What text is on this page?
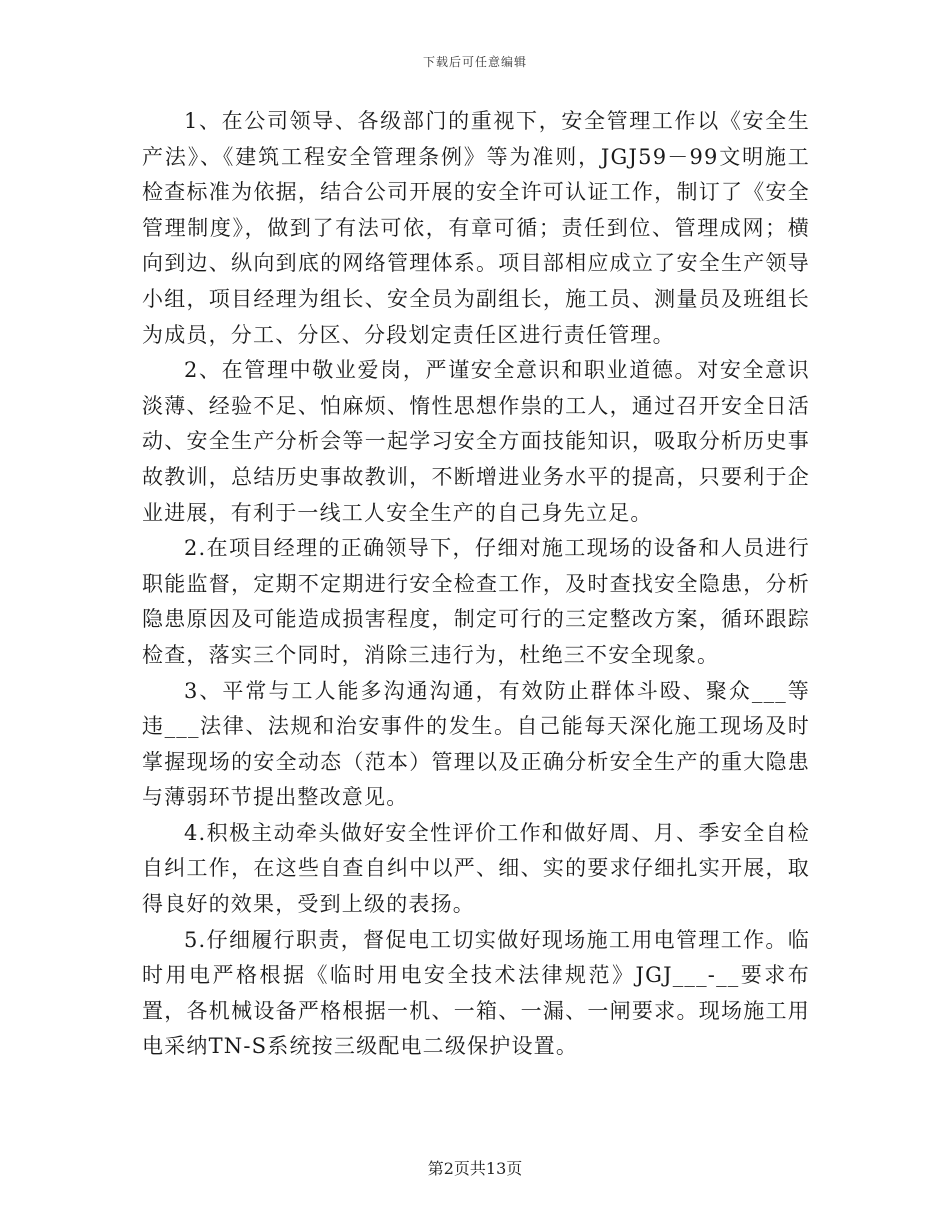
下载后可任意编辑

1、在公司领导、各级部门的重视下，安全管理工作以《安全生产法》、《建筑工程安全管理条例》等为准则，JGJ59－99文明施工检查标准为依据，结合公司开展的安全许可认证工作，制订了《安全管理制度》，做到了有法可依，有章可循；责任到位、管理成网；横向到边、纵向到底的网络管理体系。项目部相应成立了安全生产领导小组，项目经理为组长、安全员为副组长，施工员、测量员及班组长为成员，分工、分区、分段划定责任区进行责任管理。

2、在管理中敬业爱岗，严谨安全意识和职业道德。对安全意识淡薄、经验不足、怕麻烦、惰性思想作祟的工人，通过召开安全日活动、安全生产分析会等一起学习安全方面技能知识，吸取分析历史事故教训，总结历史事故教训，不断增进业务水平的提高，只要利于企业进展，有利于一线工人安全生产的自己身先立足。

2.在项目经理的正确领导下，仔细对施工现场的设备和人员进行职能监督，定期不定期进行安全检查工作，及时查找安全隐患，分析隐患原因及可能造成损害程度，制定可行的三定整改方案，循环跟踪检查，落实三个同时，消除三违行为，杜绝三不安全现象。

3、平常与工人能多沟通沟通，有效防止群体斗殴、聚众___等违___法律、法规和治安事件的发生。自己能每天深化施工现场及时掌握现场的安全动态（范本）管理以及正确分析安全生产的重大隐患与薄弱环节提出整改意见。

4.积极主动牵头做好安全性评价工作和做好周、月、季安全自检自纠工作，在这些自查自纠中以严、细、实的要求仔细扎实开展，取得良好的效果，受到上级的表扬。

5.仔细履行职责，督促电工切实做好现场施工用电管理工作。临时用电严格根据《临时用电安全技术法律规范》JGJ___-__要求布置，各机械设备严格根据一机、一箱、一漏、一闸要求。现场施工用电采纳TN-S系统按三级配电二级保护设置。

第2页共13页
